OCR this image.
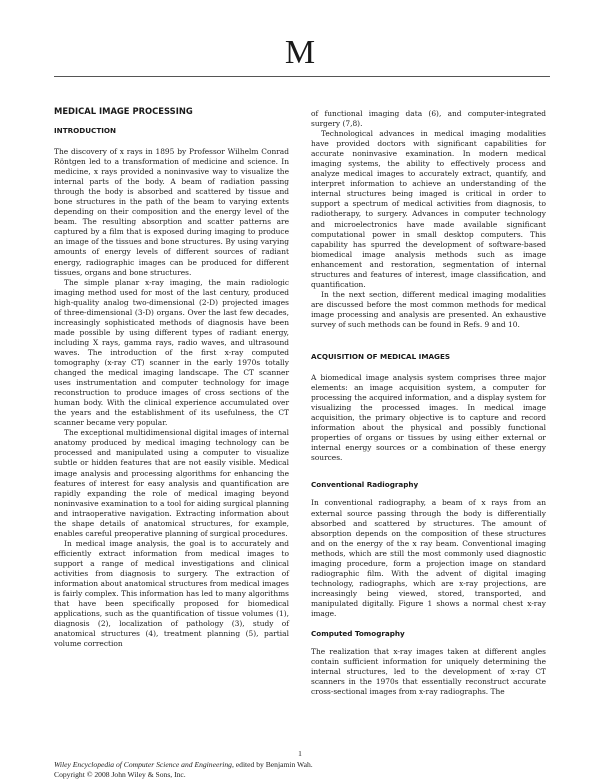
M
MEDICAL IMAGE PROCESSING
INTRODUCTION

The discovery of x rays in 1895 by Professor Wilhelm Conrad Röntgen led to a transformation of medicine and science. In medicine, x rays provided a noninvasive way to visualize the internal parts of the body. A beam of radiation passing through the body is absorbed and scattered by tissue and bone structures in the path of the beam to varying extents depending on their composition and the energy level of the beam. The resulting absorption and scatter patterns are captured by a film that is exposed during imaging to produce an image of the tissues and bone structures. By using varying amounts of energy levels of different sources of radiant energy, radiographic images can be produced for different tissues, organs and bone structures.

The simple planar x-ray imaging, the main radiologic imaging method used for most of the last century, produced high-quality analog two-dimensional (2-D) projected images of three-dimensional (3-D) organs. Over the last few decades, increasingly sophisticated methods of diagnosis have been made possible by using different types of radiant energy, including X rays, gamma rays, radio waves, and ultrasound waves. The introduction of the first x-ray computed tomography (x-ray CT) scanner in the early 1970s totally changed the medical imaging landscape. The CT scanner uses instrumentation and computer technology for image reconstruction to produce images of cross sections of the human body. With the clinical experience accumulated over the years and the establishment of its usefulness, the CT scanner became very popular.

The exceptional multidimensional digital images of internal anatomy produced by medical imaging technology can be processed and manipulated using a computer to visualize subtle or hidden features that are not easily visible. Medical image analysis and processing algorithms for enhancing the features of interest for easy analysis and quantification are rapidly expanding the role of medical imaging beyond noninvasive examination to a tool for aiding surgical planning and intraoperative navigation. Extracting information about the shape details of anatomical structures, for example, enables careful preoperative planning of surgical procedures.

In medical image analysis, the goal is to accurately and efficiently extract information from medical images to support a range of medical investigations and clinical activities from diagnosis to surgery. The extraction of information about anatomical structures from medical images is fairly complex. This information has led to many algorithms that have been specifically proposed for biomedical applications, such as the quantification of tissue volumes (1), diagnosis (2), localization of pathology (3), study of anatomical structures (4), treatment planning (5), partial volume correction

of functional imaging data (6), and computer-integrated surgery (7,8).

Technological advances in medical imaging modalities have provided doctors with significant capabilities for accurate noninvasive examination. In modern medical imaging systems, the ability to effectively process and analyze medical images to accurately extract, quantify, and interpret information to achieve an understanding of the internal structures being imaged is critical in order to support a spectrum of medical activities from diagnosis, to radiotherapy, to surgery. Advances in computer technology and microelectronics have made available significant computational power in small desktop computers. This capability has spurred the development of software-based biomedical image analysis methods such as image enhancement and restoration, segmentation of internal structures and features of interest, image classification, and quantification.

In the next section, different medical imaging modalities are discussed before the most common methods for medical image processing and analysis are presented. An exhaustive survey of such methods can be found in Refs. 9 and 10.

ACQUISITION OF MEDICAL IMAGES

A biomedical image analysis system comprises three major elements: an image acquisition system, a computer for processing the acquired information, and a display system for visualizing the processed images. In medical image acquisition, the primary objective is to capture and record information about the physical and possibly functional properties of organs or tissues by using either external or internal energy sources or a combination of these energy sources.

Conventional Radiography

In conventional radiography, a beam of x rays from an external source passing through the body is differentially absorbed and scattered by structures. The amount of absorption depends on the composition of these structures and on the energy of the x ray beam. Conventional imaging methods, which are still the most commonly used diagnostic imaging procedure, form a projection image on standard radiographic film. With the advent of digital imaging technology, radiographs, which are x-ray projections, are increasingly being viewed, stored, transported, and manipulated digitally. Figure 1 shows a normal chest x-ray image.

Computed Tomography

The realization that x-ray images taken at different angles contain sufficient information for uniquely determining the internal structures, led to the development of x-ray CT scanners in the 1970s that essentially reconstruct accurate cross-sectional images from x-ray radiographs. The

1
Wiley Encyclopedia of Computer Science and Engineering, edited by Benjamin Wah.
Copyright © 2008 John Wiley & Sons, Inc.
